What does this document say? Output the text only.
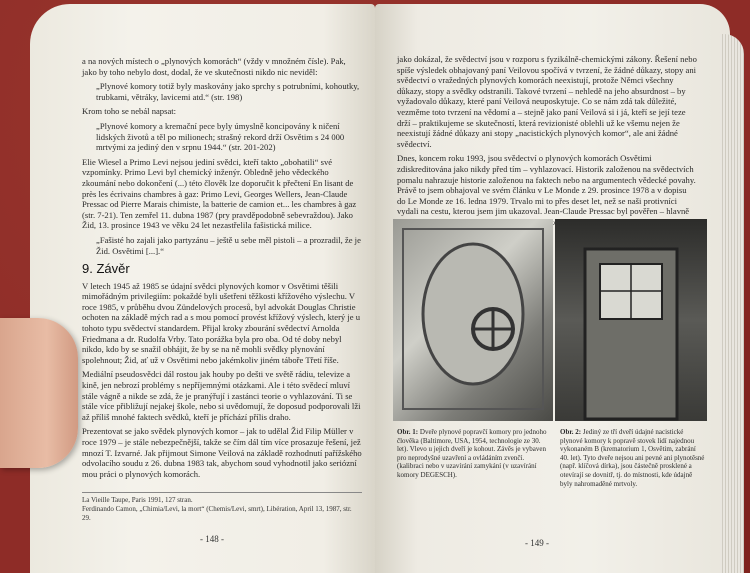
a na nových místech o „plynových komorách“ (vždy v množném čísle). Pak, jako by toho nebylo dost, dodal, že ve skutečnosti nikdo nic neviděl:

„Plynové komory totiž byly maskovány jako sprchy s potrubními, kohoutky, trubkami, větráky, lavicemi atd.“ (str. 198)

Krom toho se nebál napsat:

„Plynové komory a kremační pece byly úmyslně koncipovány k ničení lidských životů a těl po milionech; strašný rekord drží Osvětim s 24 000 mrtvými za jediný den v srpnu 1944.“ (str. 201-202)

Elie Wiesel a Primo Levi nejsou jediní svědci, kteří takto „obohatili“ své vzpomínky. Primo Levi byl chemický inženýr. Obledně jeho vědeckého zkoumání nebo dokončení (...) této člověk lze doporučit k přečtení En lisant de près les écrivains chambres à gaz: Primo Levi, Georges Wellers, Jean-Claude Pressac od Pierre Marais chimiste, la batterie de camion et... les chambres à gaz (str. 7-21). Ten zemřel 11. dubna 1987 (pry pravděpodobně sebevraždou). Jako Žid, 13. prosince 1943 ve věku 24 let nezastřelila fašistická milice.

„Fašisté ho zajali jako partyzánu – ještě u sebe měl pistoli – a prozradil, že je Žid. Osvětimi [...].“

9. Závěr

V letech 1945 až 1985 se údajní svědci plynových komor v Osvětimi těšili mimořádným privilegiím: pokaždé byli ušetřeni těžkosti křížového výslechu. V roce 1985, v průběhu dvou Zündelových procesů, byl advokát Douglas Christie ochoten na základě mých rad a s mou pomocí provést křížový výslech, který je u tohoto typu svědectví standardem. Přijal kroky zbourání svědectví Arnolda Friedmana a dr. Rudolfa Vrby. Tato porážka byla pro oba. Od té doby nebyl nikdo, kdo by se snažil obhájit, že by se na ně mohli svědky plynování spolehnout; Žid, ať už v Osvětimi nebo jakémkoliv jiném táboře Třetí říše.

Mediální pseudosvědci dál rostou jak houby po dešti ve světě rádiu, televize a kině, jen nebrozí problémy s nepříjemnými otázkami. Ale i této svědecí mluví stále vágně a nikde se zdá, že je pranýřují i zastánci teorie o vyhlazování. Ti se stále více přibližují nejakej škole, nebo si uvědomují, že doposud podporovali lži až příliš mnohé faktech svědků, kteří je příchází přílis draho.

Prezentovat se jako svědek plynových komor – jak to udělal Žid Filip Müller v roce 1979 – je stále nebezpečnější, takže se čím dál tím více prosazuje řešení, jež mnozí T. Izvarné. Jak přijmout Simone Veilová na základě rozhodnutí pařížského odvolacího soudu z 26. dubna 1983 tak, abychom soud vyhodnotil jako seriózní mou práci o plynových komorách.

La Vieille Taupe, Paris 1991, 127 stran.
Ferdinando Camon, „Chimia/Levi, la mort“ (Chemis/Levi, smrt), Libération, April 13, 1987, str. 29.
- 148 -

jako dokázal, že svědectví jsou v rozporu s fyzikálně-chemickými zákony. Řešení nebo spíše výsledek obhajovaný paní Veilovou spočívá v tvrzení, že žádné důkazy, stopy ani svědectví o vražedných plynových komorách neexistují, protože Němci všechny důkazy, stopy a svědky odstranili. Takové tvrzení – nehledě na jeho absurdnost – by vyžadovalo důkazy, které paní Veilová neuposkytuje. Co se nám zdá tak důležité, vezměme toto tvrzení na vědomí a – stejně jako paní Veilová si i já, kteří se její teze drží – praktikujeme se skutečností, která revizionisté oblehli už ke všemu nejen že neexistují žádné důkazy ani stopy „nacistických plynových komor“, ale ani žádné svědectví.

Dnes, koncem roku 1993, jsou svědectví o plynových komorách Osvětimi zdiskreditována jako nikdy před tím – vyhlazovací. Historik založenou na svědectvích pomalu nahrazuje historie založenou na faktech nebo na argumentech vědecké povahy. Právě to jsem obhajoval ve svém článku v Le Monde z 29. prosince 1978 a v dopisu do Le Monde ze 16. ledna 1979. Trvalo mi to přes deset let, než se naši protivníci vydali na cestu, kterou jsem jim ukazoval. Jean-Claude Pressac byl pověřen – hlavně

Obr. 1: Dveře plynové popravčí komory pro jednoho člověka (Baltimore, USA, 1954, technologie ze 30. let). Vlevo u jejich dveří je kohout. Závěs je vybaven pro neprodyšné uzavření a ovládáním zvenčí. (kalibraci nebo v uzavírání zamykání (v uzavírání komory DEGESCH).
Obr. 2: Jediný ze tří dveří údajné nacistické plynové komory k popravě stovek lidí najednou vykonaném B (krematorium 1, Osvětim, zabrání 40. let). Tyto dveře nejsou ani pevné ani plynotěsné (např. klíčová dírka), jsou částečně prosklené a otevírají se dovnitř, tj. do místnosti, kde údajně byly nahromaděné mrtvoly.
- 149 -
